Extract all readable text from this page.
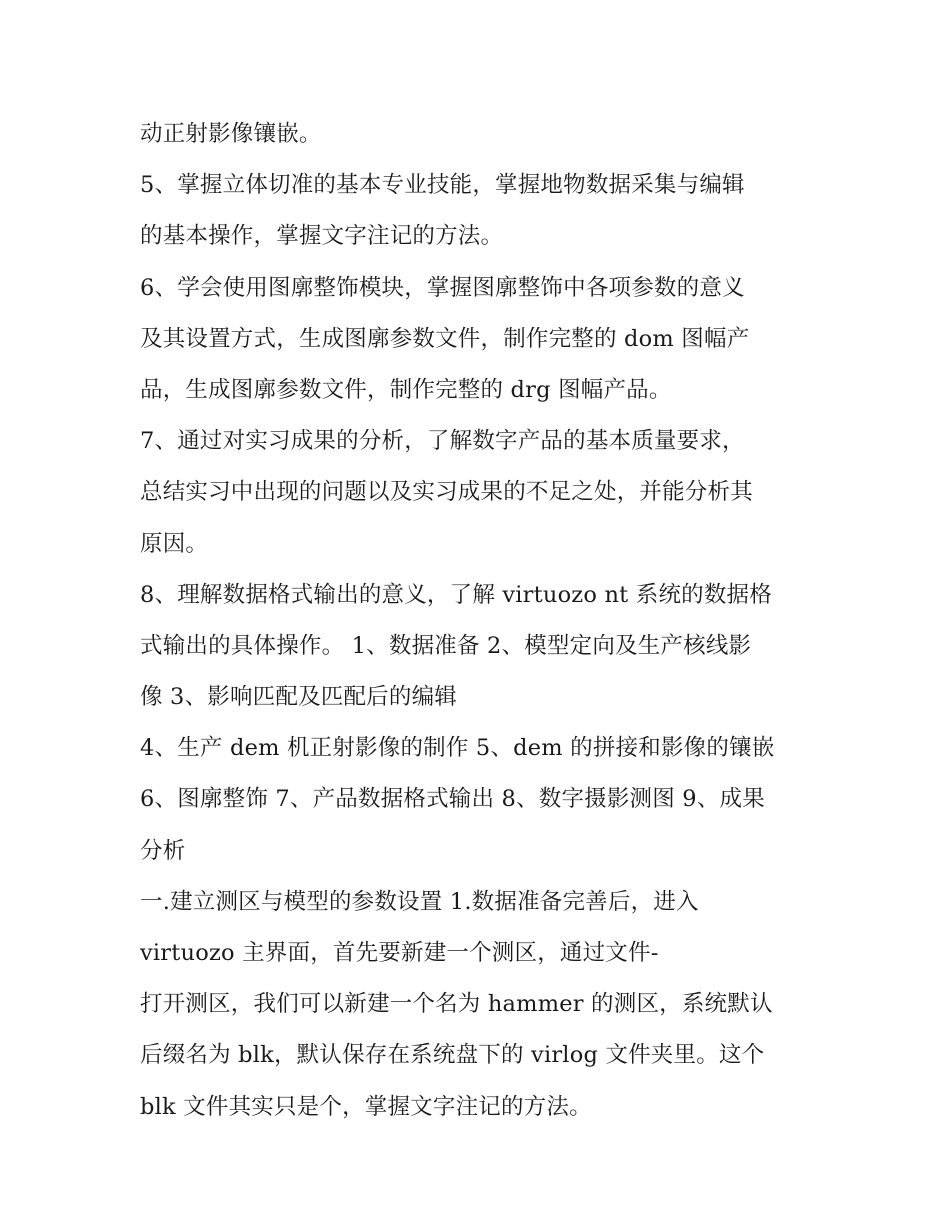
动正射影像镶嵌。
5、掌握立体切准的基本专业技能，掌握地物数据采集与编辑
的基本操作，掌握文字注记的方法。
6、学会使用图廓整饰模块，掌握图廓整饰中各项参数的意义
及其设置方式，生成图廓参数文件，制作完整的 dom 图幅产
品，生成图廓参数文件，制作完整的 drg 图幅产品。
7、通过对实习成果的分析，了解数字产品的基本质量要求，
总结实习中出现的问题以及实习成果的不足之处，并能分析其
原因。
8、理解数据格式输出的意义，了解 virtuozo nt 系统的数据格
式输出的具体操作。 1、数据准备 2、模型定向及生产核线影
像 3、影响匹配及匹配后的编辑
4、生产 dem 机正射影像的制作 5、dem 的拼接和影像的镶嵌
6、图廓整饰 7、产品数据格式输出 8、数字摄影测图 9、成果
分析
一.建立测区与模型的参数设置 1.数据准备完善后，进入
virtuozo 主界面，首先要新建一个测区，通过文件-
打开测区，我们可以新建一个名为 hammer 的测区，系统默认
后缀名为 blk，默认保存在系统盘下的 virlog 文件夹里。这个
blk 文件其实只是个，掌握文字注记的方法。
